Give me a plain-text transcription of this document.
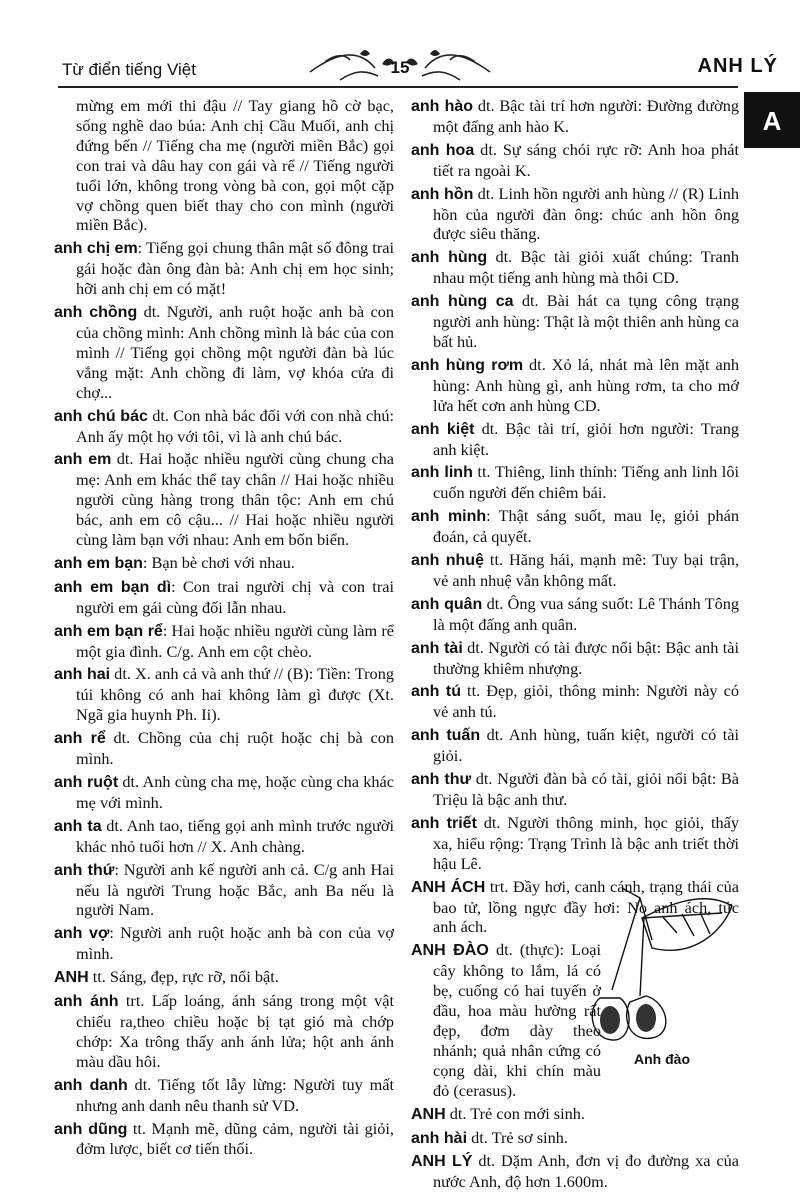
Từ điển tiếng Việt	15	ANH LÝ
A
mừng em mới thi đậu // Tay giang hồ cờ bạc, sống nghề dao búa: Anh chị Cầu Muối, anh chị đứng bến // Tiếng cha mẹ (người miền Bắc) gọi con trai và dâu hay con gái và rể // Tiếng người tuổi lớn, không trong vòng bà con, gọi một cặp vợ chồng quen biết thay cho con mình (người miền Bắc).
anh chị em: Tiếng gọi chung thân mật số đông trai gái hoặc đàn ông đàn bà: Anh chị em học sinh; hỡi anh chị em có mặt!
anh chồng dt. Người, anh ruột hoặc anh bà con của chồng mình: Anh chồng mình là bác của con mình // Tiếng gọi chồng một người đàn bà lúc vắng mặt: Anh chồng đi làm, vợ khóa cửa đi chợ...
anh chú bác dt. Con nhà bác đối với con nhà chú: Anh ấy một họ với tôi, vì là anh chú bác.
anh em dt. Hai hoặc nhiều người cùng chung cha mẹ: Anh em khác thể tay chân // Hai hoặc nhiều người cùng hàng trong thân tộc: Anh em chú bác, anh em cô cậu... // Hai hoặc nhiều người cùng làm bạn với nhau: Anh em bốn biển.
anh em bạn: Bạn bè chơi với nhau.
anh em bạn dì: Con trai người chị và con trai người em gái cùng đối lẫn nhau.
anh em bạn rể: Hai hoặc nhiều người cùng làm rể một gia đình. C/g. Anh em cột chèo.
anh hai dt. X. anh cả và anh thứ // (B): Tiền: Trong túi không có anh hai không làm gì được (Xt. Ngã gia huynh Ph. Ii).
anh rể dt. Chồng của chị ruột hoặc chị bà con mình.
anh ruột dt. Anh cùng cha mẹ, hoặc cùng cha khác mẹ với mình.
anh ta dt. Anh tao, tiếng gọi anh mình trước người khác nhỏ tuổi hơn // X. Anh chàng.
anh thứ: Người anh kế người anh cả. C/g anh Hai nếu là người Trung hoặc Bắc, anh Ba nếu là người Nam.
anh vợ: Người anh ruột hoặc anh bà con của vợ mình.
ANH tt. Sáng, đẹp, rực rỡ, nổi bật.
anh ánh trt. Lấp loáng, ánh sáng trong một vật chiếu ra,theo chiều hoặc bị tạt gió mà chớp chớp: Xa trông thấy anh ánh lửa; hột anh ánh màu dầu hôi.
anh danh dt. Tiếng tốt lẫy lừng: Người tuy mất nhưng anh danh nêu thanh sử VD.
anh dũng tt. Mạnh mẽ, dũng cảm, người tài giỏi, đởm lược, biết cơ tiến thối.
anh hào dt. Bậc tài trí hơn người: Đường đường một đấng anh hào K.
anh hoa dt. Sự sáng chói rực rỡ: Anh hoa phát tiết ra ngoài K.
anh hồn dt. Linh hồn người anh hùng // (R) Linh hồn của người đàn ông: chúc anh hồn ông được siêu thăng.
anh hùng dt. Bậc tài giỏi xuất chúng: Tranh nhau một tiếng anh hùng mà thôi CD.
anh hùng ca dt. Bài hát ca tụng công trạng người anh hùng: Thật là một thiên anh hùng ca bất hủ.
anh hùng rơm dt. Xỏ lá, nhát mà lên mặt anh hùng: Anh hùng gì, anh hùng rơm, ta cho mớ lửa hết cơn anh hùng CD.
anh kiệt dt. Bậc tài trí, giỏi hơn người: Trang anh kiệt.
anh linh tt. Thiêng, linh thính: Tiếng anh linh lôi cuốn người đến chiêm bái.
anh minh: Thật sáng suốt, mau lẹ, giỏi phán đoán, cả quyết.
anh nhuệ tt. Hăng hái, mạnh mẽ: Tuy bại trận, vẻ anh nhuệ vẫn không mất.
anh quân dt. Ông vua sáng suốt: Lê Thánh Tông là một đấng anh quân.
anh tài dt. Người có tài được nổi bật: Bậc anh tài thường khiêm nhượng.
anh tú tt. Đẹp, giỏi, thông minh: Người này có vẻ anh tú.
anh tuấn dt. Anh hùng, tuấn kiệt, người có tài giỏi.
anh thư dt. Người đàn bà có tài, giỏi nổi bật: Bà Triệu là bậc anh thư.
anh triết dt. Người thông minh, học giỏi, thấy xa, hiểu rộng: Trạng Trình là bậc anh triết thời hậu Lê.
ANH ÁCH trt. Đầy hơi, canh cánh, trạng thái của bao tử, lồng ngực đầy hơi: No anh ách, tức anh ách.
ANH ĐÀO dt. (thực): Loại cây không to lắm, lá có bẹ, cuống có hai tuyến ở đầu, hoa màu hường rất đẹp, đơm dày theo nhánh; quả nhân cứng có cọng dài, khi chín màu đỏ (cerasus).
ANH dt. Trẻ con mới sinh.
anh hài dt. Trẻ sơ sinh.
ANH LÝ dt. Dặm Anh, đơn vị đo đường xa của nước Anh, độ hơn 1.600m.
Anh đào
